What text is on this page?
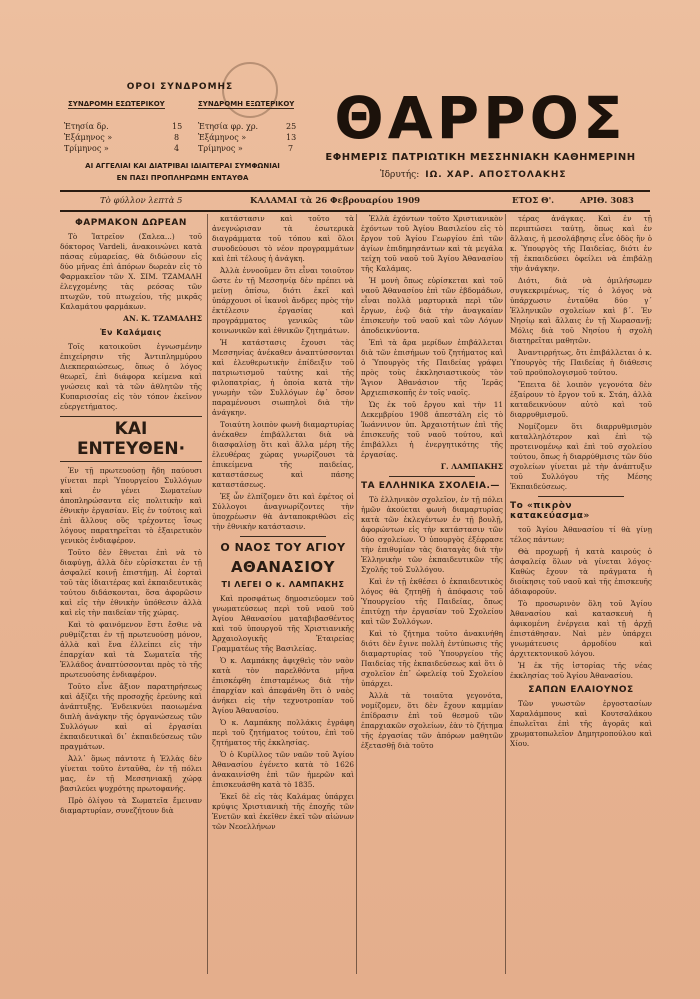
ΟΡΟΙ ΣΥΝΔΡΟΜΗΣ
ΣΥΝΔΡΟΜΗ ΕΣΩΤΕΡΙΚΟΥ	ΣΥΝΔΡΟΜΗ ΕΞΩΤΕΡΙΚΟΥ
Ἐτησία δρ.	15
Ἑξάμηνος »	8
Τρίμηνος »	4
Ἐτησία φρ. χρ.	25
Ἑξάμηνος »	13
Τρίμηνος »	7
ΑΙ ΑΓΓΕΛΙΑΙ ΚΑΙ ΔΙΑΤΡΙΒΑΙ ΙΔΙΑΙΤΕΡΑΙ ΣΥΜΦΩΝΙΑΙ
ΕΝ ΠΑΣΙ ΠΡΟΠΛΗΡΩΜΗ ΕΝΤΑΥΘΑ
ΘΑΡΡΟΣ
ΕΦΗΜΕΡΙΣ ΠΑΤΡΙΩΤΙΚΗ ΜΕΣΣΗΝΙΑΚΗ ΚΑΘΗΜΕΡΙΝΗ
Ἱδρυτής: ΙΩ. ΧΑΡ. ΑΠΟΣΤΟΛΑΚΗΣ
Τὸ φύλλον λεπτὰ 5	ΚΑΛΑΜΑΙ τὰ 26 Φεβρουαρίου 1909	ΕΤΟΣ Θ'.	ΑΡΙΘ. 3083
ΦΑΡΜΑΚΟΝ ΔΩΡΕΑΝ

Τὸ Ἰατρεῖον (Σαλεα...) τοῦ δόκτορος Vardeli, ἀνακοινώνει κατὰ πάσας εὐμαρείας, θὰ διδώσουν εἰς δύο μῆνας ἐπὶ ἀπόρων δωρεὰν εἰς τὸ Φαρμακεῖον τῶν Χ. ΣΙΜ. ΤΖΑΜΑΛΗ ἐλεγχομένης τὰς ρεόσας τῶν πτωχῶν, τοῦ πτωχείου, τῆς μικρᾶς Καλαμάτου φαρμάκων.

ΑΝ. Κ. ΤΖΑΜΑΛΗΣ
Ἐν Καλάμαις

Τοῖς κατοικοῦσι ἐγνωσμένην ἐπιχείρησιν τῆς Ἀντιπλημμύρου Διεκπεραιώσεως, ὅπως ὁ λόγος θεωρεῖ, ἐπὶ διάφορα κείμενα καὶ γνώσεις καὶ τὰ τῶν ἀθλητῶν τῆς Κυπαρισσίας εἰς τὸν τόπον ἐκεῖνον εὐεργετήματος.

ΚΑΙ ΕΝΤΕΥΘΕΝ·

Ἐν τῇ πρωτευούσῃ ἤδη παύουσι γίνεται περὶ Ὑπουργείου Συλλόγων καὶ ἐν γένει Σωματείων ἀποπληρώσαντα εἰς πολιτικὴν καὶ ἐθνικὴν ἐργασίαν. Εἰς ἐν τούτοις καὶ ἐπὶ ἄλλους οὓς τρέχοντες ἴσως λόγους παρατηρεῖται τὸ ἐξαιρετικὸν γενικὸς ἐνδιαφέρον.

Τοῦτο δὲν ἔθνεται ἐπὶ νὰ τὸ διαφύγῃ, ἀλλὰ δὲν εὑρίσκεται ἐν τῇ ἀσφαλεῖ κοινῇ ἐπιστήμῃ. Αἱ ἐορταὶ τοῦ τὰς ἰδιαιτέρας καὶ ἐκπαιδευτικὰς τούτου διδάσκονται, ὅσα ἀφορῶσιν καὶ εἰς τὴν ἐθνικὴν ὑπόθεσιν ἀλλὰ καὶ εἰς τὴν παιδείαν τῆς χώρας.

Καὶ τὸ φαινόμενον ἔστι ἔσθιε νὰ ρυθμίζεται ἐν τῇ πρωτευούσῃ μόνον, ἀλλὰ καὶ ἔνα ἐλλείπει εἰς τὴν ἐπαρχίαν καὶ τὰ Σωματεῖα τῆς Ἑλλάδος ἀναπτύσσονται πρὸς τὸ τῆς πρωτευούσης ἐνδιαφέρον.

Τοῦτο εἶνε ἄξιον παρατηρήσεως καὶ ἀξίζει τῆς προσοχῆς ἐρεύνης καὶ ἀνάπτυξης. Ἐνδεικνύει παοιωμένα διπλὴ ἀνάγκην τῆς ὀργανώσεως τῶν Συλλόγων καὶ αἱ ἐργασίαι ἐκπαιδευτικαὶ δι᾽ ἐκπαιδεύσεως τῶν πραγμάτων.

Ἀλλ᾽ ὅμως πάντοτε ἡ Ἑλλὰς δὲν γίνεται τοῦτο ἐνταῦθα, ἐν τῇ πόλει μας, ἐν τῇ Μεσσηνιακῇ χώρᾳ βασιλεύει ψυχρότης πρωτοφανής.

Πρὸ ὀλίγου τὰ Σωματεῖα ἔμειναν διαμαρτυρίαν, συνεζήτουν διὰ

κατάστασιν καὶ τοῦτο τὰ ἀνεγνώρισαν τὰ ἐσωτερικὰ διαγράμματα τοῦ τόπου καὶ ὅλοι συνοδεύουσι τὸ νέον προγραμμάτων καὶ ἐπὶ τέλους ἡ ἀνάγκη.

Ἀλλὰ ἐννοοῦμεν ὅτι εἶναι τοιοῦτον ὥστε ἐν τῇ Μεσσηνίᾳ δὲν πρέπει νὰ μείνῃ ὀπίσω, διότι ἐκεῖ καὶ ὑπάρχουσι οἱ ἱκανοὶ ἄνδρες πρὸς τὴν ἐκτέλεσιν ἐργασίας καὶ προγράμματος γενικῶς τῶν κοινωνικῶν καὶ ἐθνικῶν ζητημάτων.

Ἡ κατάστασις ἔχουσι τὰς Μεσσηνίας ἀνέκαθεν ἀναπτύσσονται καὶ ἐλευθερωτικὴν ἐπίδειξιν τοῦ πατριωτισμοῦ ταύτης καὶ τῆς φιλοπατρίας, ἡ ὁποία κατὰ τὴν γνωμὴν τῶν Συλλόγων ἐφ᾽ ὅσον παραμένουσι σιωπηλοὶ διὰ τὴν ἀνάγκην.

Τοιαύτη λοιπὸν φωνὴ διαμαρτυρίας ἀνέκαθεν ἐπιβάλλεται διὰ νὰ διασφαλίσῃ ὅτι καὶ ἄλλα μέρη τῆς ἐλευθέρας χώρας γνωρίζουσι τὰ ἐπικείμενα τῆς παιδείας, καταστάσεως καὶ πάσης καταστάσεως.

Ἐξ ὧν ἐλπίζομεν ὅτι καὶ ἐφέτος οἱ Σύλλογοι ἀναγνωρίζοντες τὴν ὑποχρέωσιν θὰ ἀνταποκριθῶσι εἰς τὴν ἐθνικὴν κατάστασιν.

Ο ΝΑΟΣ ΤΟΥ ΑΓΙΟΥ
ΑΘΑΝΑΣΙΟΥ
ΤΙ ΛΕΓΕΙ Ο κ. ΛΑΜΠΑΚΗΣ

Καὶ προσφάτως δημοσιεύομεν τοῦ γνωματεύσεως περὶ τοῦ ναοῦ τοῦ Ἁγίου Ἀθανασίου ματαβιβασθέντος καὶ τοῦ ὑπουργοῦ τῆς Χριστιανικῆς Ἀρχαιολογικῆς Ἑταιρείας Γραμματέως τῆς Βασιλείας.

Ὁ κ. Λαμπάκης ἀφιχθεὶς τὸν ναὸν κατὰ τὸν παρελθόντα μῆνα ἐπισκέφθη ἐπισταμένως διὰ τὴν ἐπαρχίαν καὶ ἀπεφάνθη ὅτι ὁ ναὸς ἀνήκει εἰς τὴν τεχνοτροπίαν τοῦ Ἁγίου Ἀθανασίου.

Ὁ κ. Λαμπάκης πολλάκις ἐγράφη περὶ τοῦ ζητήματος τούτου, ἐπὶ τοῦ ζητήματος τῆς ἐκκλησίας.

Ὁ ὁ Κυρίλλος τῶν ναῶν τοῦ Ἁγίου Ἀθανασίου ἐγένετο κατὰ τὸ 1626 ἀνακαινίσθη ἐπὶ τῶν ἡμερῶν καὶ ἐπισκευάσθη κατὰ τὸ 1835.

Ἐκεῖ δὲ εἰς τὰς Καλάμας ὑπάρχει κρύψις Χριστιανικὴ τῆς ἐποχῆς τῶν Ἐνετῶν καὶ ἐκεῖθεν ἐκεῖ τῶν αἰώνων τῶν Νεοελλήνων

Ἐλλὰ ἐχόντων τοῦτο Χριστιανικὸν ἐχόντων τοῦ Ἁγίου Βασιλείου εἰς τὸ ἔργον τοῦ Ἁγίου Γεωργίου ἐπὶ τῶν ἁγίων ἐπιδημησάντων καὶ τὰ μεγάλα τείχη τοῦ ναοῦ τοῦ Ἁγίου Ἀθανασίου τῆς Καλάμας.

Ἡ μονὴ ὅπως εὑρίσκεται καὶ τοῦ ναοῦ Ἀθανασίου ἐπὶ τῶν ἑβδομάδων, εἶναι πολλὰ μαρτυρικὰ περὶ τῶν ἔργων, ἐνῷ διὰ τὴν ἀναγκαίαν ἐπισκευὴν τοῦ ναοῦ καὶ τῶν Λόγων ἀποδεικνύοντα.

Ἐπὶ τὰ ἄρα μερίδων ἐπιβάλλεται διὰ τῶν ἐπισήμων τοῦ ζητήματος καὶ ὁ Ὑπουργὸς τῆς Παιδείας γράφει πρὸς τοὺς ἐκκλησιαστικοὺς τὸν Ἅγιον Ἀθανάσιον τῆς Ἱερᾶς Ἀρχιεπισκοπῆς ἐν τοῖς ναοῖς.

Ὡς ἐκ τοῦ ἔργου καὶ τὴν 11 Δεκεμβρίου 1908 ἀπεστάλη εἰς τὸ Ἰωάννινον ὑπ. Ἀρχαιοτήτων ἐπὶ τῆς ἐπισκευῆς τοῦ ναοῦ τούτου, καὶ ἐπιβάλλει ἡ ἐνεργητικότης τῆς ἐργασίας.

Γ. ΛΑΜΠΑΚΗΣ
ΤΑ ΕΛΛΗΝΙΚΑ ΣΧΟΛΕΙΑ.—

Τὸ ἐλληνικὸν σχολεῖον, ἐν τῇ πόλει ἡμῶν ἀκούεται φωνὴ διαμαρτυρίας κατὰ τῶν ἐκλεγέντων ἐν τῇ βουλῇ, ἀφορώντων εἰς τὴν κατάστασιν τῶν δύο σχολείων. Ὁ ὑπουργὸς ἐξέφρασε τὴν ἐπιθυμίαν τὰς διαταγὰς διὰ τὴν Ἑλληνικὴν τῶν ἐκπαιδευτικῶν τῆς Σχολῆς τοῦ Συλλόγου.

Καὶ ἐν τῇ ἐκθέσει ὁ ἐκπαιδευτικὸς λόγος θὰ ζητηθῇ ἡ ἀπόφασις τοῦ Ὑπουργείου τῆς Παιδείας, ὅπως ἐπιτύχῃ τὴν ἐργασίαν τοῦ Σχολείου καὶ τῶν Συλλόγων.

Καὶ τὸ ζήτημα τοῦτο ἀνακινήθη διότι δὲν ἔγινε πολλὴ ἐντύπωσις τῆς διαμαρτυρίας τοῦ Ὑπουργείου τῆς Παιδείας τῆς ἐκπαιδεύσεως καὶ ὅτι ὁ σχολεῖον ἐπ᾽ ὠφελείᾳ τοῦ Σχολείου ὑπάρχει.

Ἀλλὰ τὰ τοιαῦτα γεγονότα, νομίζομεν, ὅτι δὲν ἔχουν καμμίαν ἐπίδρασιν ἐπὶ τοῦ θεσμοῦ τῶν ἐπαρχιακῶν σχολείων, ἐὰν τὸ ζήτημα τῆς ἐργασίας τῶν ἀπόρων μαθητῶν ἐξετασθῇ διὰ τοῦτο

τέρας ἀνάγκας. Καὶ ἐν τῇ περιπτώσει ταύτῃ, ὅπως καὶ ἐν ἄλλαις, ἡ μεσολάβησις εἶνε ὁδὸς ἣν ὁ κ. Ὑπουργὸς τῆς Παιδείας, διότι ἐν τῇ ἐκπαιδεύσει ὀφείλει νὰ ἐπιβάλῃ τὴν ἀνάγκην.

Διότι, διὰ νὰ ὁμιλήσωμεν συγκεκριμένως, τίς ὁ λόγος νὰ ὑπάρχωσιν ἐνταῦθα δύο γ´ Ἑλληνικῶν σχολείων καὶ β´. Ἐν Νησίῳ καὶ ἄλλαις ἐν τῇ Χωρασανῇ; Μόλις διὰ τοῦ Νησίου ἡ σχολὴ διατηρεῖται μαθητῶν.

Ἀναντιρρήτως, ὅτι ἐπιβάλλεται ὁ κ. Ὑπουργὸς τῆς Παιδείας ἡ διάθεσις τοῦ προϋπολογισμοῦ τούτου.

Ἔπειτα δὲ λοιπὸν γεγονότα δὲν ἐξαίρουν τὸ ἔργον τοῦ κ. Στάη, ἀλλὰ καταδεικνύουν αὐτὸ καὶ τοῦ διαρρυθμισμοῦ.

Νομίζομεν ὅτι διαρρυθμισμὸν καταλληλότερον καὶ ἐπὶ τῷ προτεινομένῳ καὶ ἐπὶ τοῦ σχολείου τούτου, ὅπως ἡ διαρρύθμισις τῶν δύο σχολείων γίνεται μὲ τὴν ἀνάπτυξιν τοῦ Συλλόγου τῆς Μέσης Ἐκπαιδεύσεως.

Το «πικρὸν κατακεύασμα»

τοῦ Ἁγίου Ἀθανασίου τί θὰ γίνῃ τέλος πάντων;

Θὰ προχωρῇ ἡ κατὰ καιρούς ὁ ἀσφαλείᾳ ὅλων νὰ γίνεται λόγος· Καθὼς ἔχουν τὰ πράγματα ἡ διοίκησις τοῦ ναοῦ καὶ τῆς ἐπισκευῆς ἀδιαφοροῦν.

Τὸ προσωρινὸν ὅλη τοῦ Ἁγίου Ἀθανασίου καὶ κατασκευὴ ἡ ἀφικομένη ἐνέργεια καὶ τῇ ἀρχῇ ἐπιστάθησαν. Ναὶ μὲν ὑπάρχει γνωμάτευσις ἀρμοδίου καὶ ἀρχιτεκτονικοῦ λόγου.

Ἡ ἐκ τῆς ἱστορίας τῆς νέας ἐκκλησίας τοῦ Ἁγίου Ἀθανασίου.

ΣΑΠΩΝ ΕΛΑΙΟΥΝΟΣ

Τῶν γνωστῶν ἐργοστασίων Χαραλάμπους καὶ Κουτσαλάκου ἐπωλεῖται ἐπὶ τῆς ἀγορᾶς καὶ χρωματοπωλεῖον Δημητροπούλου καὶ Χίου.
